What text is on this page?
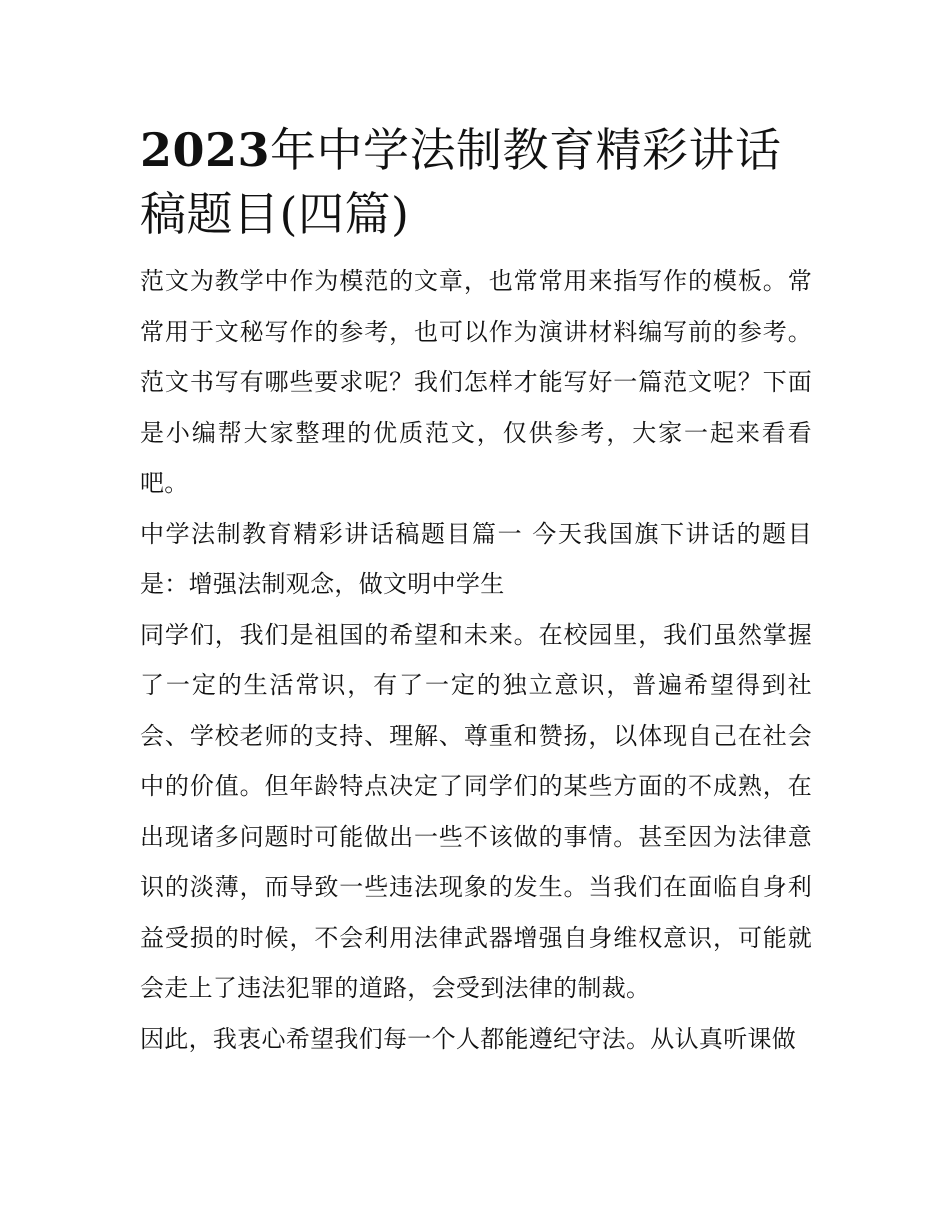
2023年中学法制教育精彩讲话稿题目(四篇)

范文为教学中作为模范的文章，也常常用来指写作的模板。常常用于文秘写作的参考，也可以作为演讲材料编写前的参考。范文书写有哪些要求呢？我们怎样才能写好一篇范文呢？下面是小编帮大家整理的优质范文，仅供参考，大家一起来看看吧。

中学法制教育精彩讲话稿题目篇一 今天我国旗下讲话的题目是：增强法制观念，做文明中学生

同学们，我们是祖国的希望和未来。在校园里，我们虽然掌握了一定的生活常识，有了一定的独立意识，普遍希望得到社会、学校老师的支持、理解、尊重和赞扬，以体现自己在社会中的价值。但年龄特点决定了同学们的某些方面的不成熟，在出现诸多问题时可能做出一些不该做的事情。甚至因为法律意识的淡薄，而导致一些违法现象的发生。当我们在面临自身利益受损的时候，不会利用法律武器增强自身维权意识，可能就会走上了违法犯罪的道路，会受到法律的制裁。

因此，我衷心希望我们每一个人都能遵纪守法。从认真听课做
